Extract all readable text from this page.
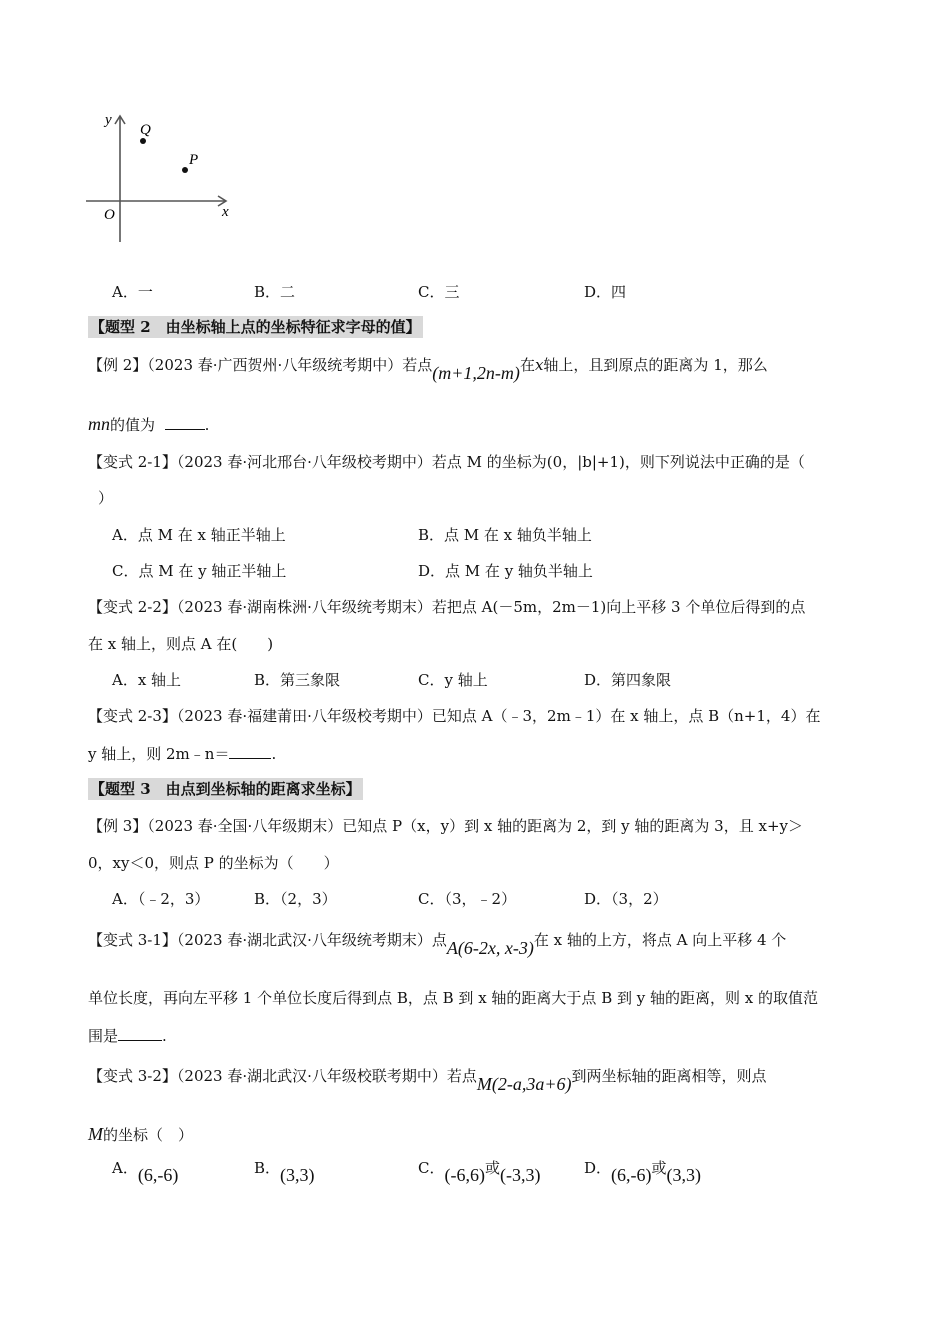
y
x
O
Q
P
A．一	B．二	C．三	D．四
【题型 2　由坐标轴上点的坐标特征求字母的值】
【例 2】（2023 春·广西贺州·八年级统考期中）若点(m+1,2n-m)在x轴上，且到原点的距离为 1，那么
mn的值为	.
【变式 2-1】（2023 春·河北邢台·八年级校考期中）若点 M 的坐标为(0，|b|+1)，则下列说法中正确的是（
）
A．点 M 在 x 轴正半轴上	B．点 M 在 x 轴负半轴上
C．点 M 在 y 轴正半轴上	D．点 M 在 y 轴负半轴上
【变式 2-2】（2023 春·湖南株洲·八年级统考期末）若把点 A(－5m，2m－1)向上平移 3 个单位后得到的点
在 x 轴上，则点 A 在(　　)
A．x 轴上	B．第三象限	C．y 轴上	D．第四象限
【变式 2-3】（2023 春·福建莆田·八年级校考期中）已知点 A（﹣3，2m﹣1）在 x 轴上，点 B（n+1，4）在
y 轴上，则 2m﹣n＝	.
【题型 3　由点到坐标轴的距离求坐标】
【例 3】（2023 春·全国·八年级期末）已知点 P（x，y）到 x 轴的距离为 2，到 y 轴的距离为 3，且 x+y＞
0，xy＜0，则点 P 的坐标为（　　）
A．（﹣2，3）	B．（2，3）	C．（3，﹣2）	D．（3，2）
【变式 3-1】（2023 春·湖北武汉·八年级统考期末）点A(6-2x, x-3)在 x 轴的上方，将点 A 向上平移 4 个
单位长度，再向左平移 1 个单位长度后得到点 B，点 B 到 x 轴的距离大于点 B 到 y 轴的距离，则 x 的取值范
围是	.
【变式 3-2】（2023 春·湖北武汉·八年级校联考期中）若点M(2-a,3a+6)到两坐标轴的距离相等，则点
M的坐标（　）
A．(6,-6)	B．(3,3)	C．(-6,6)或(-3,3)	D．(6,-6)或(3,3)
